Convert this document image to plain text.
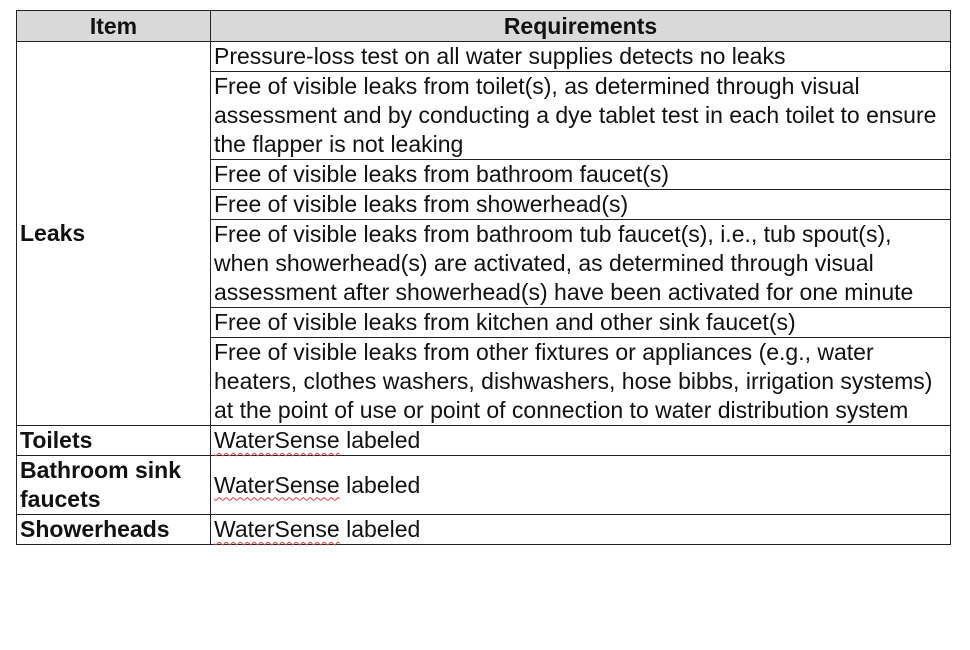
Item	Requirements
Leaks	Pressure-loss test on all water supplies detects no leaks
	Free of visible leaks from toilet(s), as determined through visual assessment and by conducting a dye tablet test in each toilet to ensure the flapper is not leaking
	Free of visible leaks from bathroom faucet(s)
	Free of visible leaks from showerhead(s)
	Free of visible leaks from bathroom tub faucet(s), i.e., tub spout(s), when showerhead(s) are activated, as determined through visual assessment after showerhead(s) have been activated for one minute
	Free of visible leaks from kitchen and other sink faucet(s)
	Free of visible leaks from other fixtures or appliances (e.g., water heaters, clothes washers, dishwashers, hose bibbs, irrigation systems) at the point of use or point of connection to water distribution system
Toilets	WaterSense labeled
Bathroom sink faucets	WaterSense labeled
Showerheads	WaterSense labeled
